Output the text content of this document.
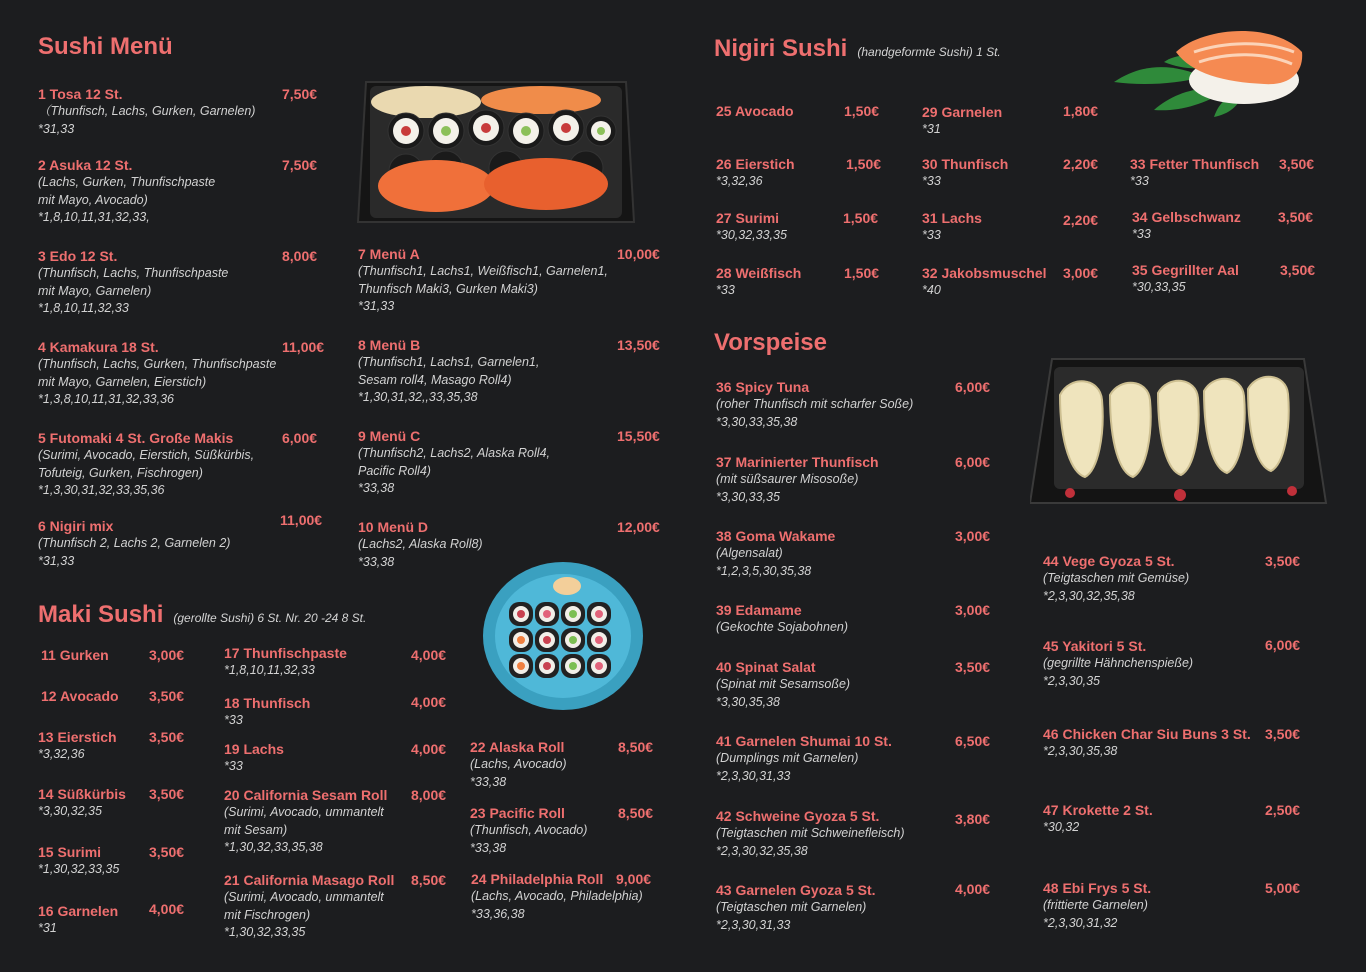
Sushi Menü	Nigiri Sushi (handgeformte Sushi) 1 St.
Maki Sushi (gerollte Sushi) 6 St. Nr. 20 -24 8 St.
Vorspeise
1 Tosa 12 St.	7,50€
（Thunfisch, Lachs, Gurken, Garnelen)
*31,33
2 Asuka 12 St.	7,50€
(Lachs, Gurken, Thunfischpaste
mit Mayo, Avocado)
*1,8,10,11,31,32,33,
3 Edo 12 St.	8,00€
(Thunfisch, Lachs, Thunfischpaste
mit Mayo, Garnelen)
*1,8,10,11,32,33
4 Kamakura 18 St.	11,00€
(Thunfisch, Lachs, Gurken, Thunfischpaste
mit Mayo, Garnelen, Eierstich)
*1,3,8,10,11,31,32,33,36
5 Futomaki 4 St. Große Makis	6,00€
(Surimi, Avocado, Eierstich, Süßkürbis,
Tofuteig, Gurken, Fischrogen)
*1,3,30,31,32,33,35,36
6 Nigiri mix	11,00€
(Thunfisch 2, Lachs 2, Garnelen 2)
*31,33
7 Menü A	10,00€
(Thunfisch1, Lachs1, Weißfisch1, Garnelen1,
Thunfisch Maki3, Gurken Maki3)
*31,33
8 Menü B	13,50€
(Thunfisch1, Lachs1, Garnelen1,
Sesam roll4, Masago Roll4)
*1,30,31,32,,33,35,38
9 Menü C	15,50€
(Thunfisch2, Lachs2, Alaska Roll4,
Pacific Roll4)
*33,38
10 Menü D	12,00€
(Lachs2, Alaska Roll8)
*33,38
11 Gurken	3,00€
12 Avocado 3,50€
13 Eierstich 3,50€
*3,32,36
14 Süßkürbis 3,50€
*3,30,32,35
15 Surimi	3,50€
*1,30,32,33,35
16 Garnelen 4,00€
*31
17 Thunfischpaste	4,00€
*1,8,10,11,32,33
18 Thunfisch	4,00€
*33
19 Lachs	4,00€
*33
20 California Sesam Roll 8,00€
(Surimi, Avocado, ummantelt
mit Sesam)
*1,30,32,33,35,38
21 California Masago Roll 8,50€
(Surimi, Avocado, ummantelt
mit Fischrogen)
*1,30,32,33,35
22 Alaska Roll	8,50€
(Lachs, Avocado)
*33,38
23 Pacific Roll	8,50€
(Thunfisch, Avocado)
*33,38
24 Philadelphia Roll 9,00€
(Lachs, Avocado, Philadelphia)
*33,36,38
25 Avocado	1,50€
26 Eierstich	1,50€
*3,32,36
27 Surimi	1,50€
*30,32,33,35
28 Weißfisch	1,50€
*33
29 Garnelen	1,80€
*31
30 Thunfisch	2,20€
*33
31 Lachs	2,20€
*33
32 Jakobsmuschel 3,00€
*40
33 Fetter Thunfisch 3,50€
*33
34 Gelbschwanz	3,50€
*33
35 Gegrillter Aal	3,50€
*30,33,35
36 Spicy Tuna	6,00€
(roher Thunfisch mit scharfer Soße)
*3,30,33,35,38
37 Marinierter Thunfisch	6,00€
(mit süßsaurer Misosoße)
*3,30,33,35
38 Goma Wakame	3,00€
(Algensalat)
*1,2,3,5,30,35,38
39 Edamame	3,00€
(Gekochte Sojabohnen)
40 Spinat Salat	3,50€
(Spinat mit Sesamsoße)
*3,30,35,38
41 Garnelen Shumai 10 St.	6,50€
(Dumplings mit Garnelen)
*2,3,30,31,33
42 Schweine Gyoza 5 St.	3,80€
(Teigtaschen mit Schweinefleisch)
*2,3,30,32,35,38
43 Garnelen Gyoza 5 St.	4,00€
(Teigtaschen mit Garnelen)
*2,3,30,31,33
44 Vege Gyoza 5 St.	3,50€
(Teigtaschen mit Gemüse)
*2,3,30,32,35,38
45 Yakitori 5 St.	6,00€
(gegrillte Hähnchenspieße)
*2,3,30,35
46 Chicken Char Siu Buns 3 St. 3,50€
*2,3,30,35,38
47 Krokette 2 St.	2,50€
*30,32
48 Ebi Frys 5 St.	5,00€
(frittierte Garnelen)
*2,3,30,31,32
